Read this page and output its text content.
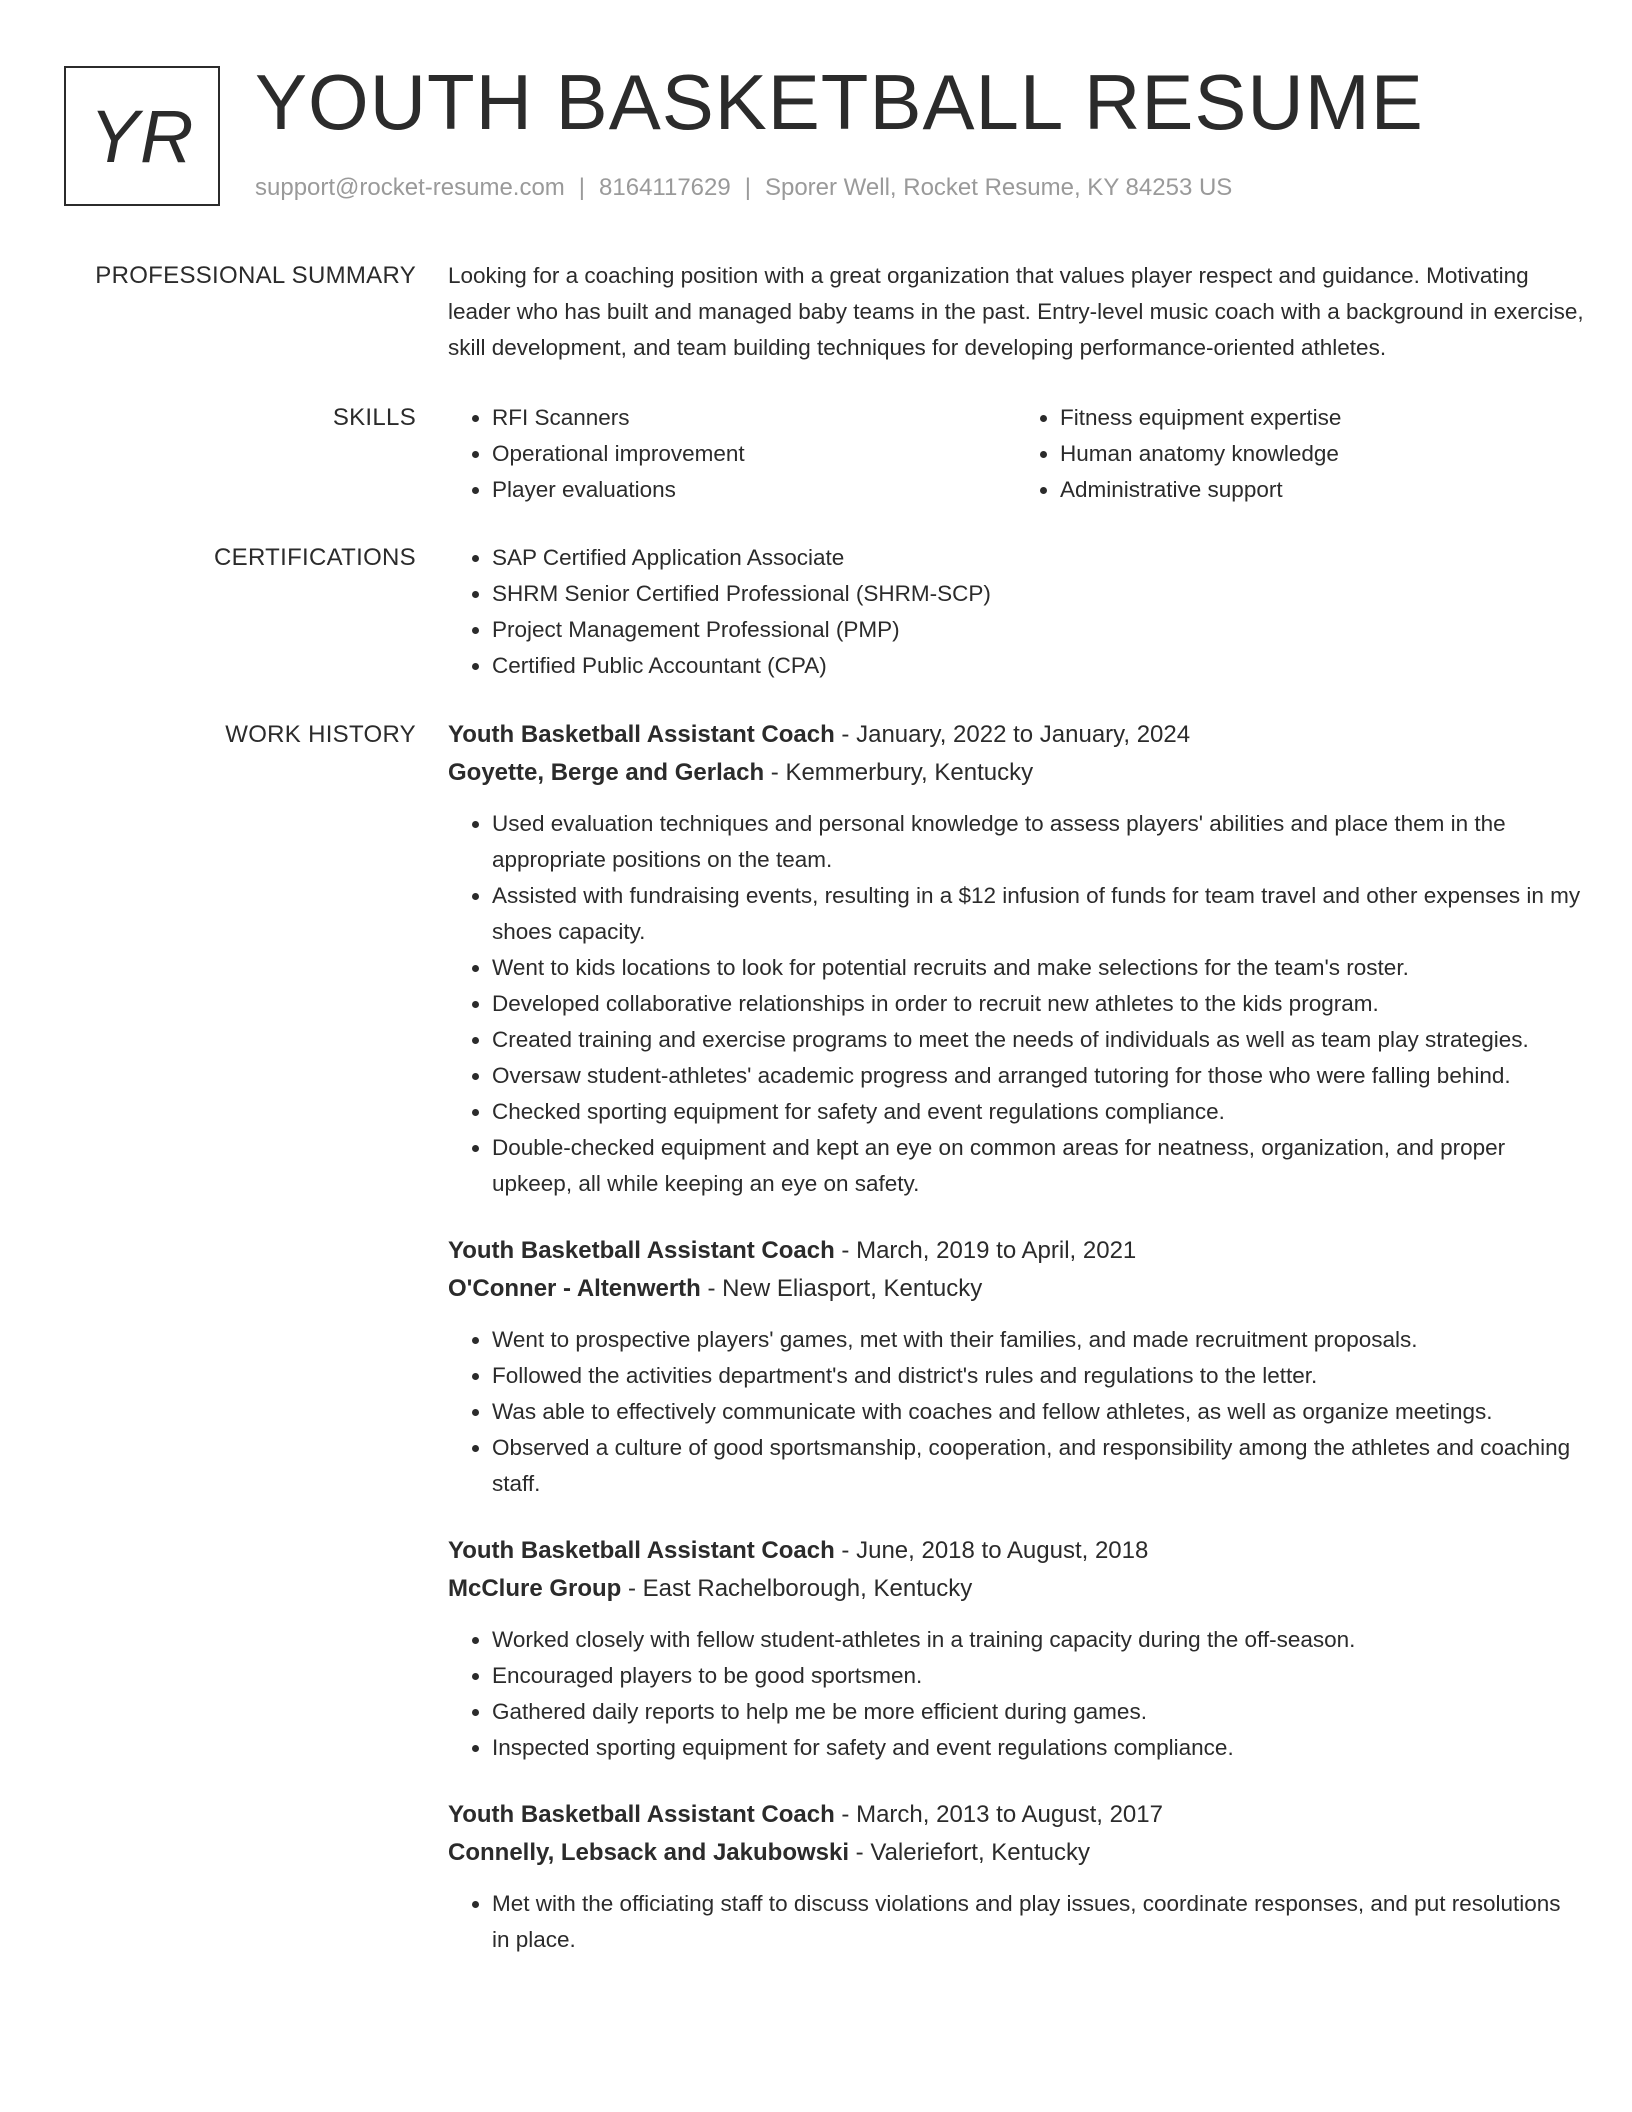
YR YOUTH BASKETBALL RESUME
support@rocket-resume.com | 8164117629 | Sporer Well, Rocket Resume, KY 84253 US
PROFESSIONAL SUMMARY Looking for a coaching position with a great organization that values player respect and guidance. Motivating leader who has built and managed baby teams in the past. Entry-level music coach with a background in exercise, skill development, and team building techniques for developing performance-oriented athletes.

SKILLS	• RFI Scanners
• Operational improvement
• Player evaluations
• Fitness equipment expertise
• Human anatomy knowledge
• Administrative support
CERTIFICATIONS	• SAP Certified Application Associate
• SHRM Senior Certified Professional (SHRM-SCP)
• Project Management Professional (PMP)
• Certified Public Accountant (CPA)
WORK HISTORY Youth Basketball Assistant Coach - January, 2022 to January, 2024
Goyette, Berge and Gerlach - Kemmerbury, Kentucky
• Used evaluation techniques and personal knowledge to assess players' abilities and place them in the appropriate positions on the team.
• Assisted with fundraising events, resulting in a $12 infusion of funds for team travel and other expenses in my shoes capacity.
• Went to kids locations to look for potential recruits and make selections for the team's roster.
• Developed collaborative relationships in order to recruit new athletes to the kids program.
• Created training and exercise programs to meet the needs of individuals as well as team play strategies.
• Oversaw student-athletes' academic progress and arranged tutoring for those who were falling behind.
• Checked sporting equipment for safety and event regulations compliance.
• Double-checked equipment and kept an eye on common areas for neatness, organization, and proper upkeep, all while keeping an eye on safety.
Youth Basketball Assistant Coach - March, 2019 to April, 2021
O'Conner - Altenwerth - New Eliasport, Kentucky
• Went to prospective players' games, met with their families, and made recruitment proposals.
• Followed the activities department's and district's rules and regulations to the letter.
• Was able to effectively communicate with coaches and fellow athletes, as well as organize meetings.
• Observed a culture of good sportsmanship, cooperation, and responsibility among the athletes and coaching staff.
Youth Basketball Assistant Coach - June, 2018 to August, 2018
McClure Group - East Rachelborough, Kentucky
• Worked closely with fellow student-athletes in a training capacity during the off-season.
• Encouraged players to be good sportsmen.
• Gathered daily reports to help me be more efficient during games.
• Inspected sporting equipment for safety and event regulations compliance.
Youth Basketball Assistant Coach - March, 2013 to August, 2017
Connelly, Lebsack and Jakubowski - Valeriefort, Kentucky
• Met with the officiating staff to discuss violations and play issues, coordinate responses, and put resolutions in place.
